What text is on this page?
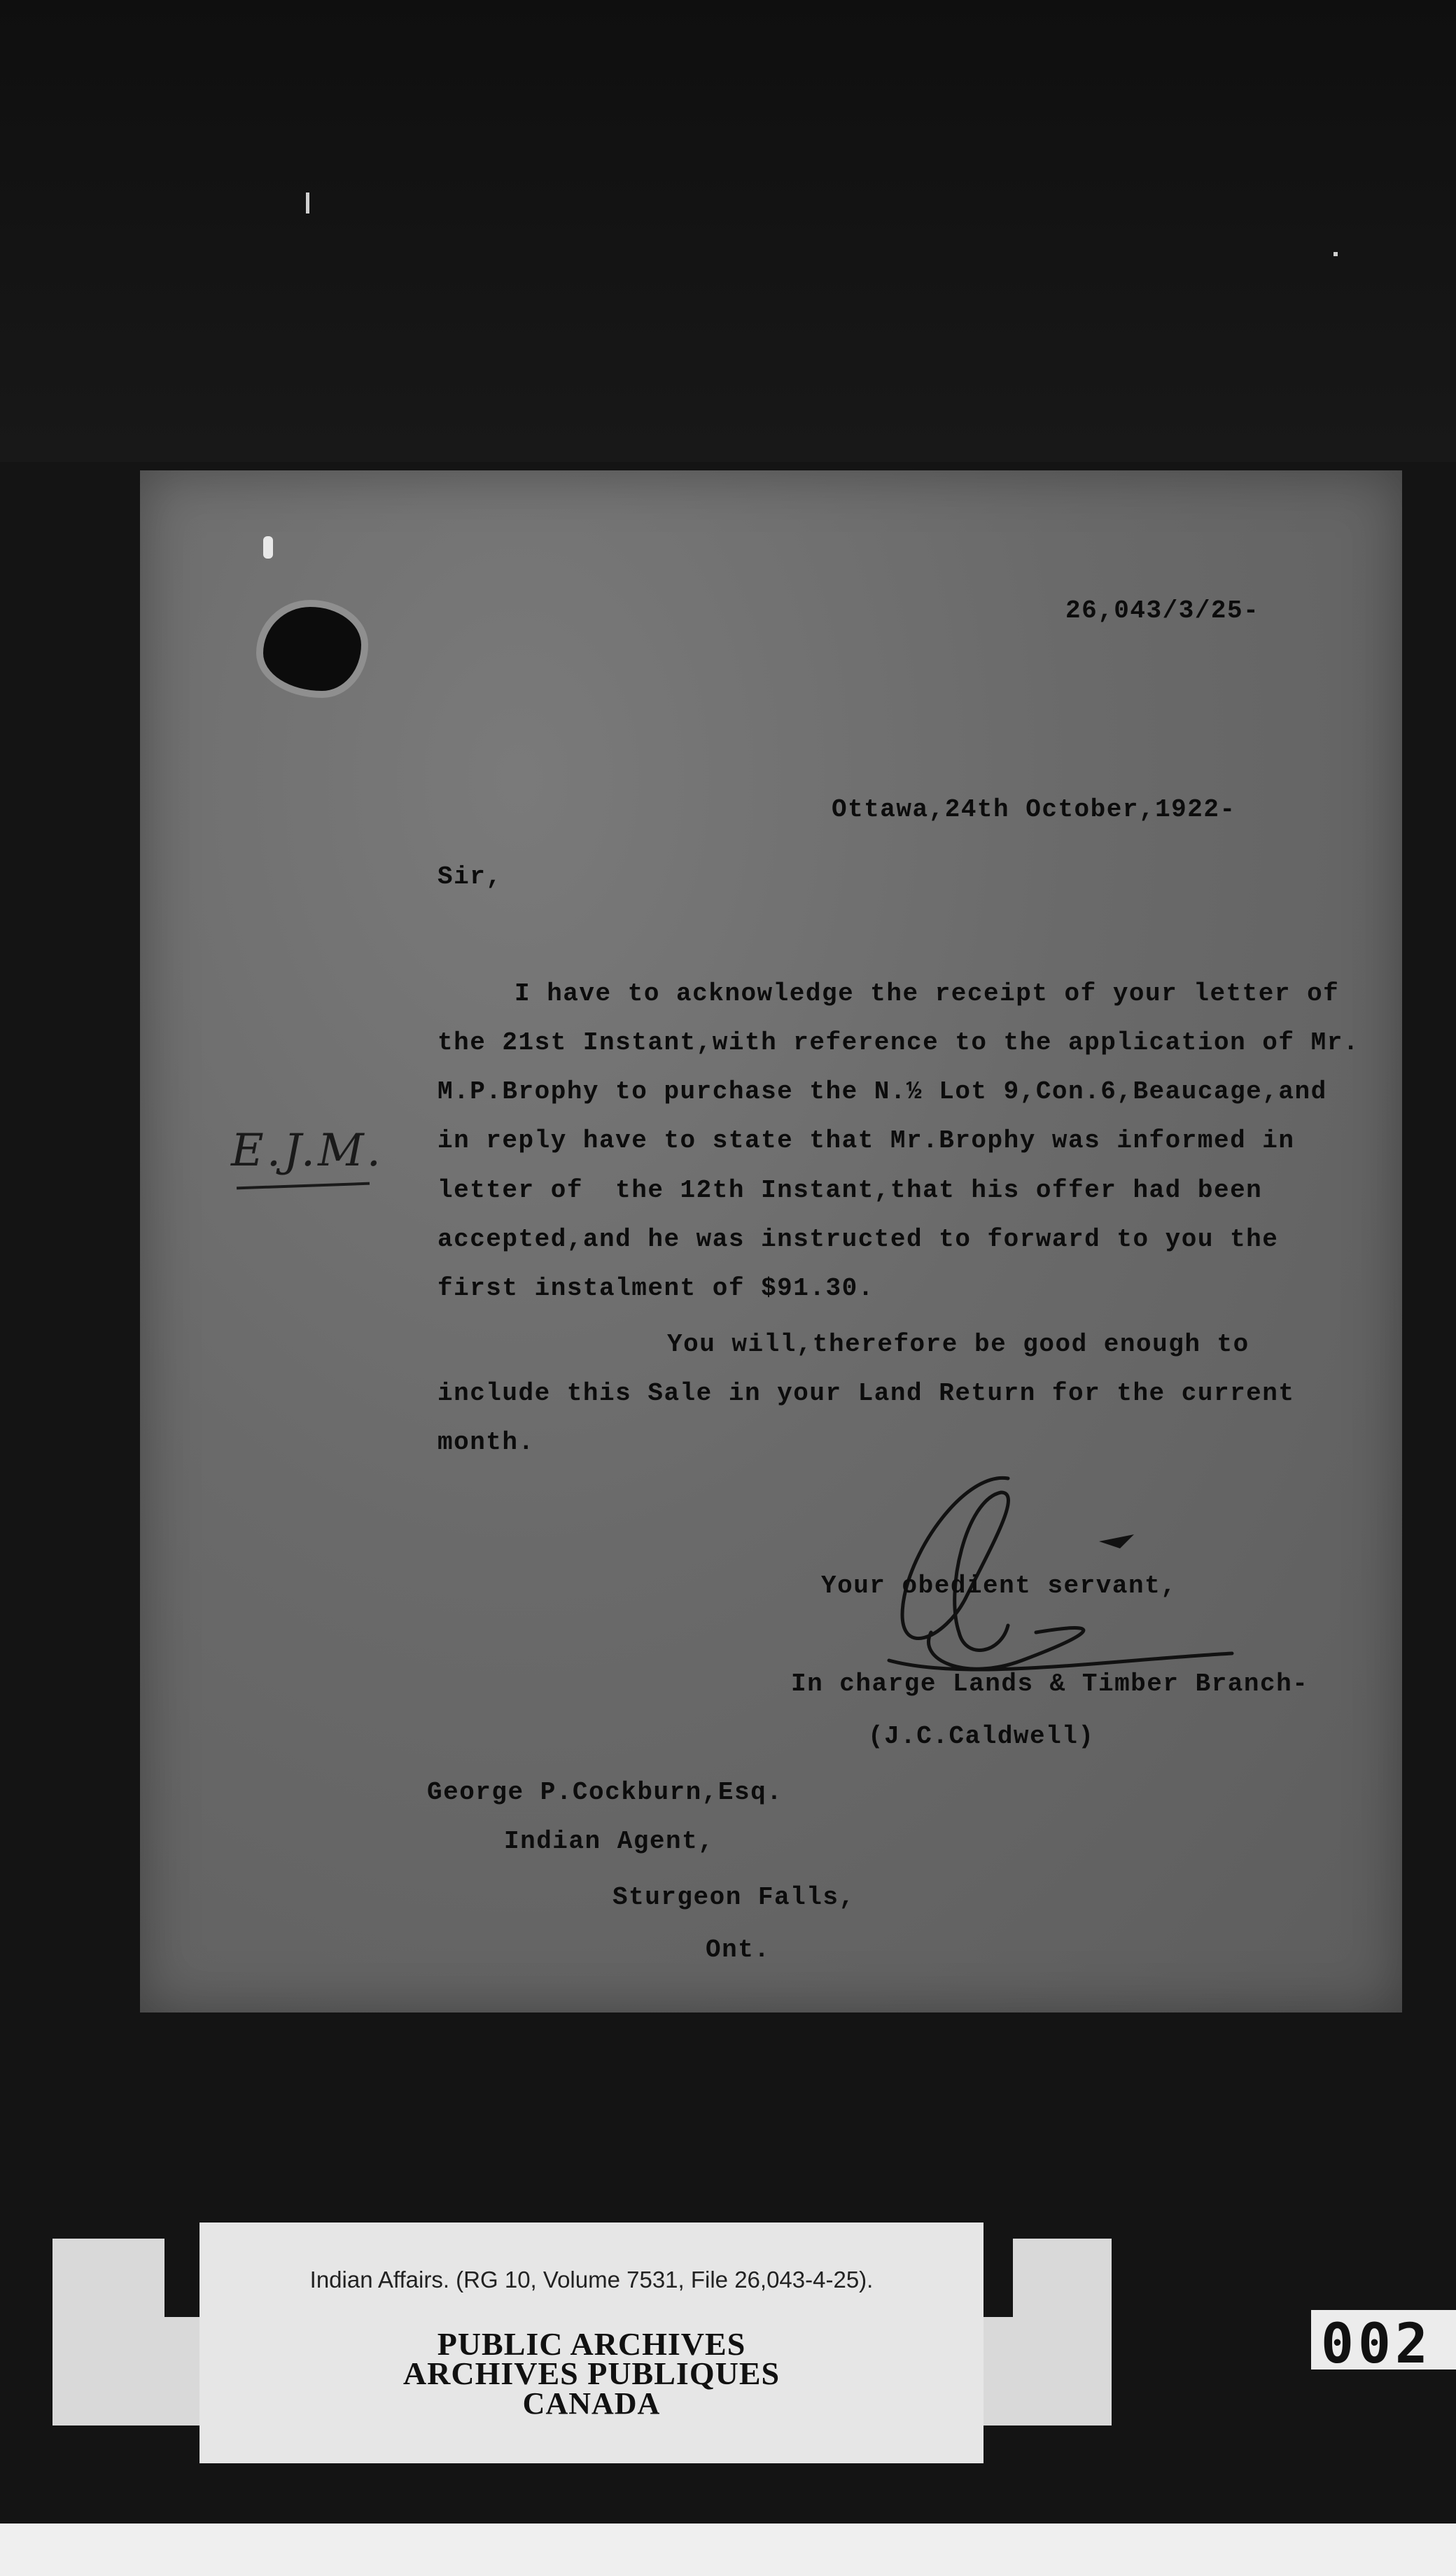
26,043/3/25-
Ottawa,24th October,1922-
Sir,
I have to acknowledge the receipt of your letter of
the 21st Instant,with reference to the application of Mr.
M.P.Brophy to purchase the N.½ Lot 9,Con.6,Beaucage,and
in reply have to state that Mr.Brophy was informed in
letter of  the 12th Instant,that his offer had been
accepted,and he was instructed to forward to you the
first instalment of $91.30.
You will,therefore be good enough to
include this Sale in your Land Return for the current
month.
E.J.M.
Your obedient servant,
In charge Lands & Timber Branch-
(J.C.Caldwell)
George P.Cockburn,Esq.
Indian Agent,
Sturgeon Falls,
Ont.
Indian Affairs. (RG 10, Volume 7531, File 26,043-4-25).
PUBLIC ARCHIVES
ARCHIVES PUBLIQUES
CANADA
002
